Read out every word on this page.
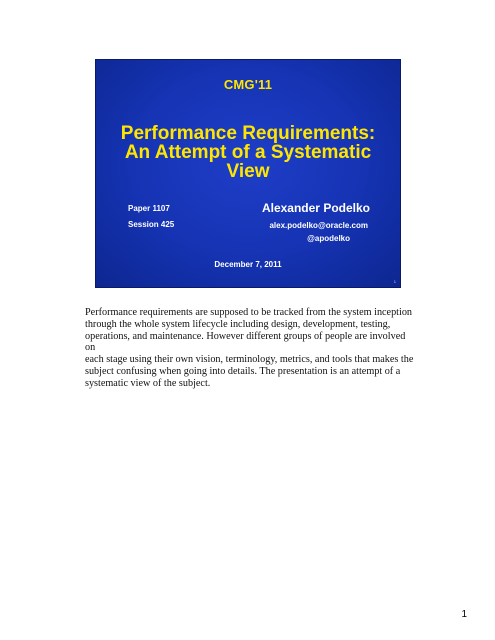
CMG'11
Performance Requirements:
An Attempt of a Systematic
View
Paper 1107
Session 425
Alexander Podelko
alex.podelko@oracle.com
@apodelko
December 7, 2011
1
Performance requirements are supposed to be tracked from the system inception
through the whole system lifecycle including design, development, testing,
operations, and maintenance. However different groups of people are involved on
each stage using their own vision, terminology, metrics, and tools that makes the
subject confusing when going into details. The presentation is an attempt of a
systematic view of the subject.
1
